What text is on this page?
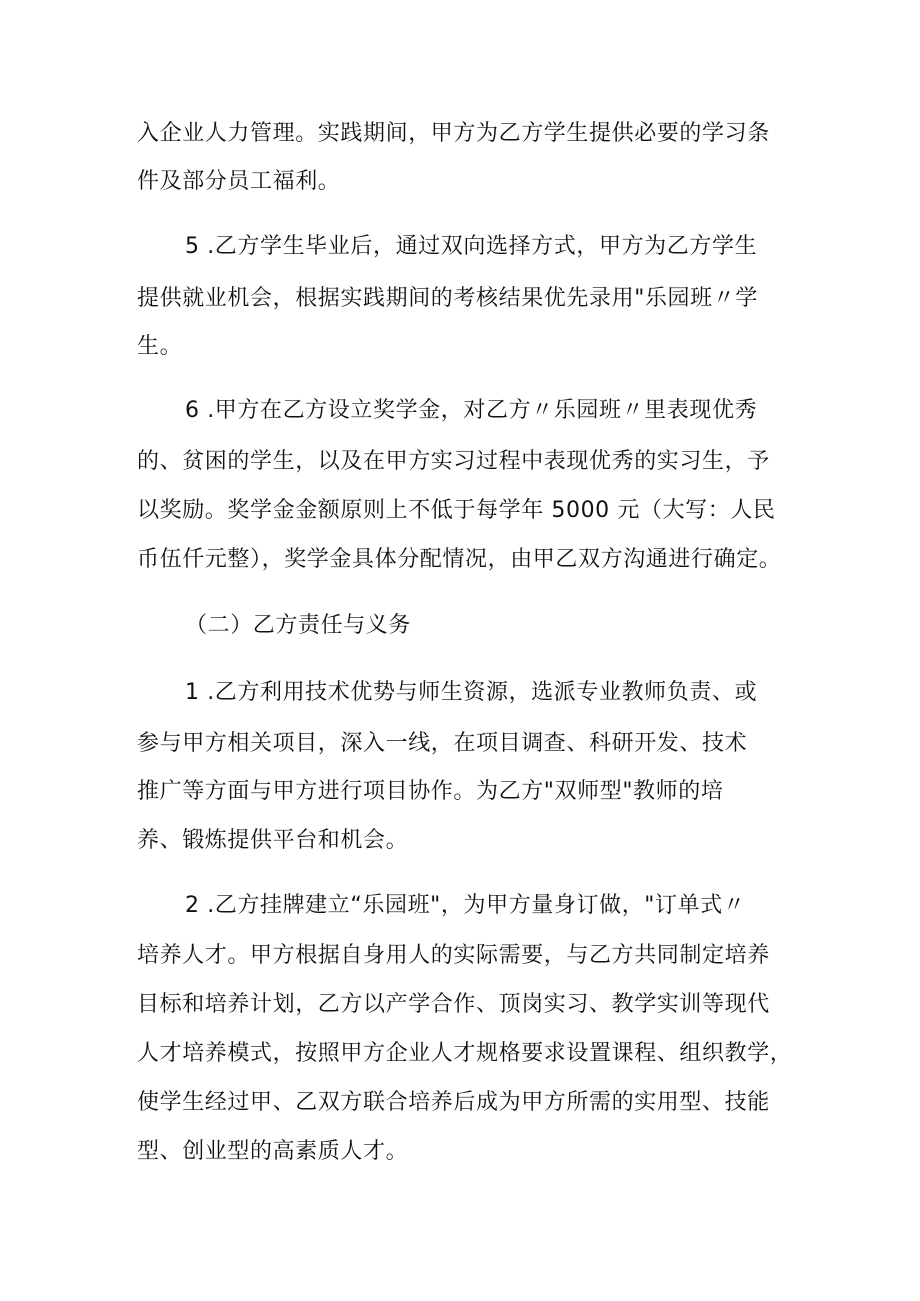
入企业人力管理。实践期间，甲方为乙方学生提供必要的学习条
件及部分员工福利。
5 .乙方学生毕业后，通过双向选择方式，甲方为乙方学生
提供就业机会，根据实践期间的考核结果优先录用"乐园班〃学
生。
6 .甲方在乙方设立奖学金，对乙方〃乐园班〃里表现优秀
的、贫困的学生，以及在甲方实习过程中表现优秀的实习生，予
以奖励。奖学金金额原则上不低于每学年 5000 元（大写：人民
币伍仟元整），奖学金具体分配情况，由甲乙双方沟通进行确定。
（二）乙方责任与义务
1 .乙方利用技术优势与师生资源，选派专业教师负责、或
参与甲方相关项目，深入一线，在项目调查、科研开发、技术
推广等方面与甲方进行项目协作。为乙方"双师型"教师的培
养、锻炼提供平台和机会。
2 .乙方挂牌建立“乐园班"，为甲方量身订做，"订单式〃
培养人才。甲方根据自身用人的实际需要，与乙方共同制定培养
目标和培养计划，乙方以产学合作、顶岗实习、教学实训等现代
人才培养模式，按照甲方企业人才规格要求设置课程、组织教学，
使学生经过甲、乙双方联合培养后成为甲方所需的实用型、技能
型、创业型的高素质人才。
